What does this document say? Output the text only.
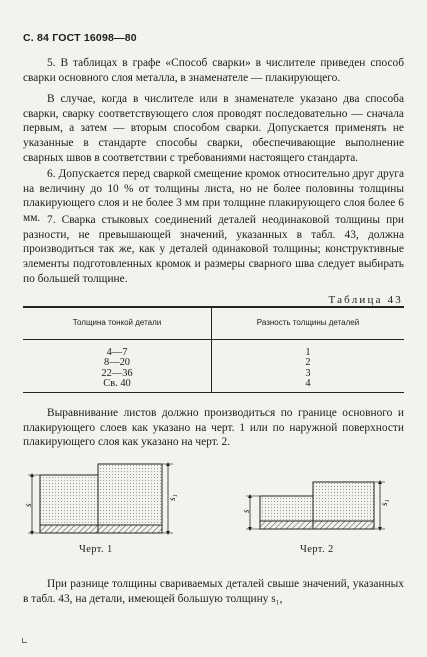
С. 84 ГОСТ 16098—80

5. В таблицах в графе «Способ сварки» в числителе приведен способ сварки основного слоя металла, в знаменателе — плакирующего.

В случае, когда в числителе или в знаменателе указано два способа сварки, сварку соответствующего слоя проводят последовательно — сначала первым, а затем — вторым способом сварки. Допускается применять не указанные в стандарте способы сварки, обеспечивающие выполнение сварных швов в соответствии с требованиями настоящего стандарта.

6. Допускается перед сваркой смещение кромок относительно друг друга на величину до 10 % от толщины листа, но не более половины толщины плакирующего слоя и не более 3 мм при толщине плакирующего слоя более 6 мм. 7. Сварка стыковых соединений деталей неодинаковой толщины при разности, не превышающей значений, указанных в табл. 43, должна производиться так же, как у деталей одинаковой толщины; конструктивные элементы подготовленных кромок и размеры сварного шва следует выбирать по большей толщине.

Таблица 43
Толщина тонкой детали	Разность толщины деталей
4—7
8—20
22—36
Св. 40
1
2
3
4

Выравнивание листов должно производиться по границе основного и плакирующего слоев как указано на черт. 1 или по наружной поверхности плакирующего слоя как указано на черт. 2.

s
s₁
s
s₁
Черт. 1	Черт. 2

При разнице толщины свариваемых деталей свыше значений, указанных в табл. 43, на детали, имеющей большую толщину s₁,
